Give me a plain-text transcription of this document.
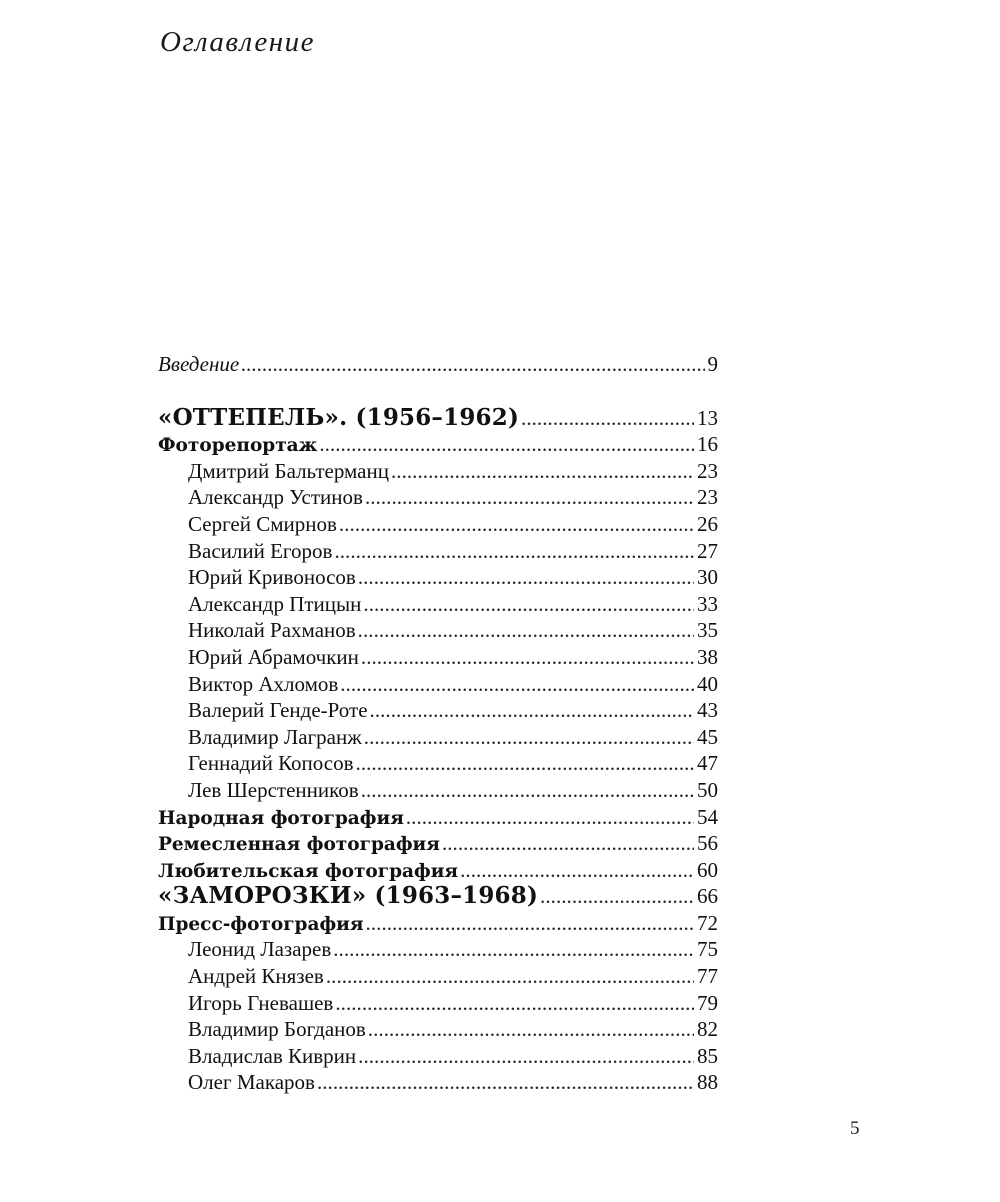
Оглавление
Введение . . .	9
«ОТТЕПЕЛЬ». (1956–1962) . . .	13
Фоторепортаж . . .	16
Дмитрий Бальтерманц . . .	23
Александр Устинов . . .	23
Сергей Смирнов . . .	26
Василий Егоров . . .	27
Юрий Кривоносов . . .	30
Александр Птицын . . .	33
Николай Рахманов . . .	35
Юрий Абрамочкин . . .	38
Виктор Ахломов . . .	40
Валерий Генде-Роте . . .	43
Владимир Лагранж . . .	45
Геннадий Копосов . . .	47
Лев Шерстенников . . .	50
Народная фотография . . .	54
Ремесленная фотография . . .	56
Любительская фотография . . .	60
«ЗАМОРОЗКИ» (1963–1968) . . .	66
Пресс-фотография . . .	72
Леонид Лазарев . . .	75
Андрей Князев . . .	77
Игорь Гневашев . . .	79
Владимир Богданов . . .	82
Владислав Киврин . . .	85
Олег Макаров . . .	88
5
